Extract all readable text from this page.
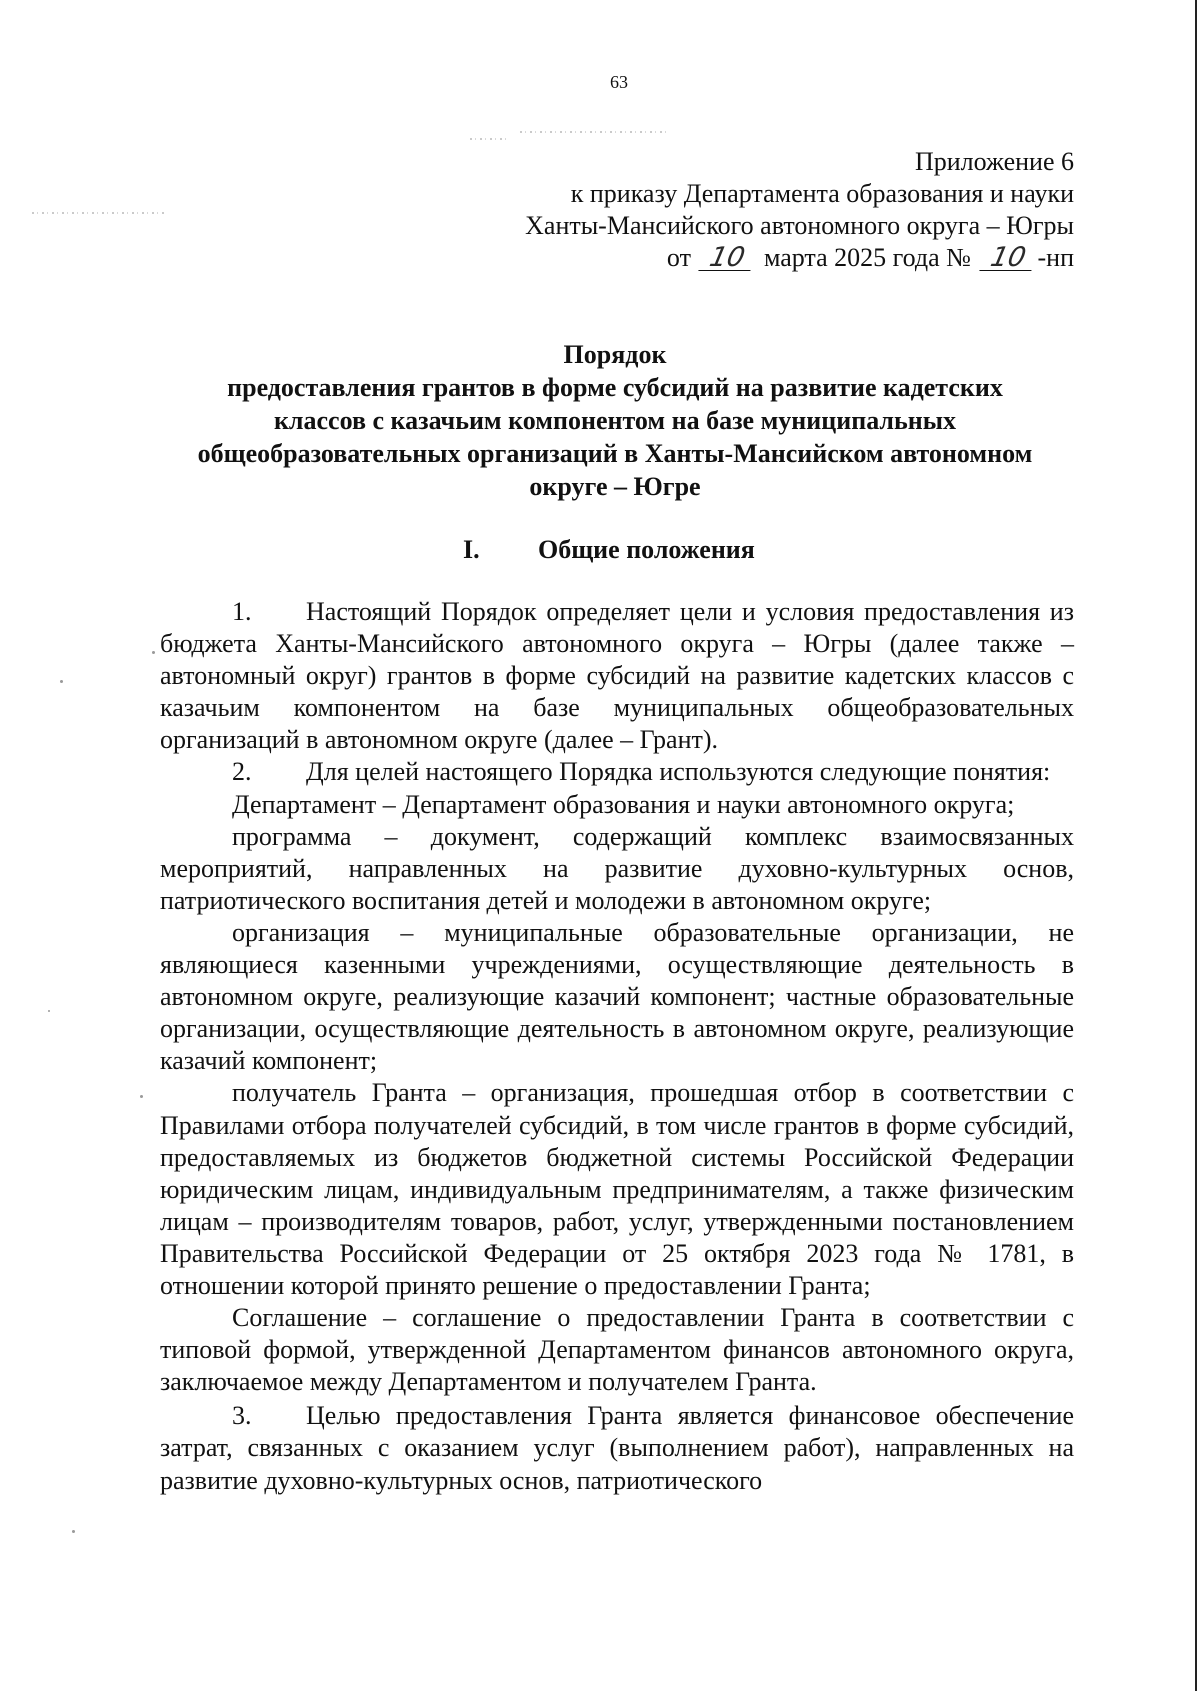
63
Приложение 6
к приказу Департамента образования и науки
Ханты-Мансийского автономного округа – Югры
от 10 марта 2025 года № 10 -нп
Порядок
предоставления грантов в форме субсидий на развитие кадетских
классов с казачьим компонентом на базе муниципальных
общеобразовательных организаций в Ханты-Мансийском автономном
округе – Югре
I. Общие положения

1. Настоящий Порядок определяет цели и условия предоставления из бюджета Ханты-Мансийского автономного округа – Югры (далее также – автономный округ) грантов в форме субсидий на развитие кадетских классов с казачьим компонентом на базе муниципальных общеобразовательных организаций в автономном округе (далее – Грант).

2. Для целей настоящего Порядка используются следующие понятия:

Департамент – Департамент образования и науки автономного округа;

программа – документ, содержащий комплекс взаимосвязанных мероприятий, направленных на развитие духовно-культурных основ, патриотического воспитания детей и молодежи в автономном округе;

организация – муниципальные образовательные организации, не являющиеся казенными учреждениями, осуществляющие деятельность в автономном округе, реализующие казачий компонент; частные образовательные организации, осуществляющие деятельность в автономном округе, реализующие казачий компонент;

получатель Гранта – организация, прошедшая отбор в соответствии с Правилами отбора получателей субсидий, в том числе грантов в форме субсидий, предоставляемых из бюджетов бюджетной системы Российской Федерации юридическим лицам, индивидуальным предпринимателям, а также физическим лицам – производителям товаров, работ, услуг, утвержденными постановлением Правительства Российской Федерации от 25 октября 2023 года № 1781, в отношении которой принято решение о предоставлении Гранта;

Соглашение – соглашение о предоставлении Гранта в соответствии с типовой формой, утвержденной Департаментом финансов автономного округа, заключаемое между Департаментом и получателем Гранта.

3. Целью предоставления Гранта является финансовое обеспечение затрат, связанных с оказанием услуг (выполнением работ), направленных на развитие духовно-культурных основ, патриотического
